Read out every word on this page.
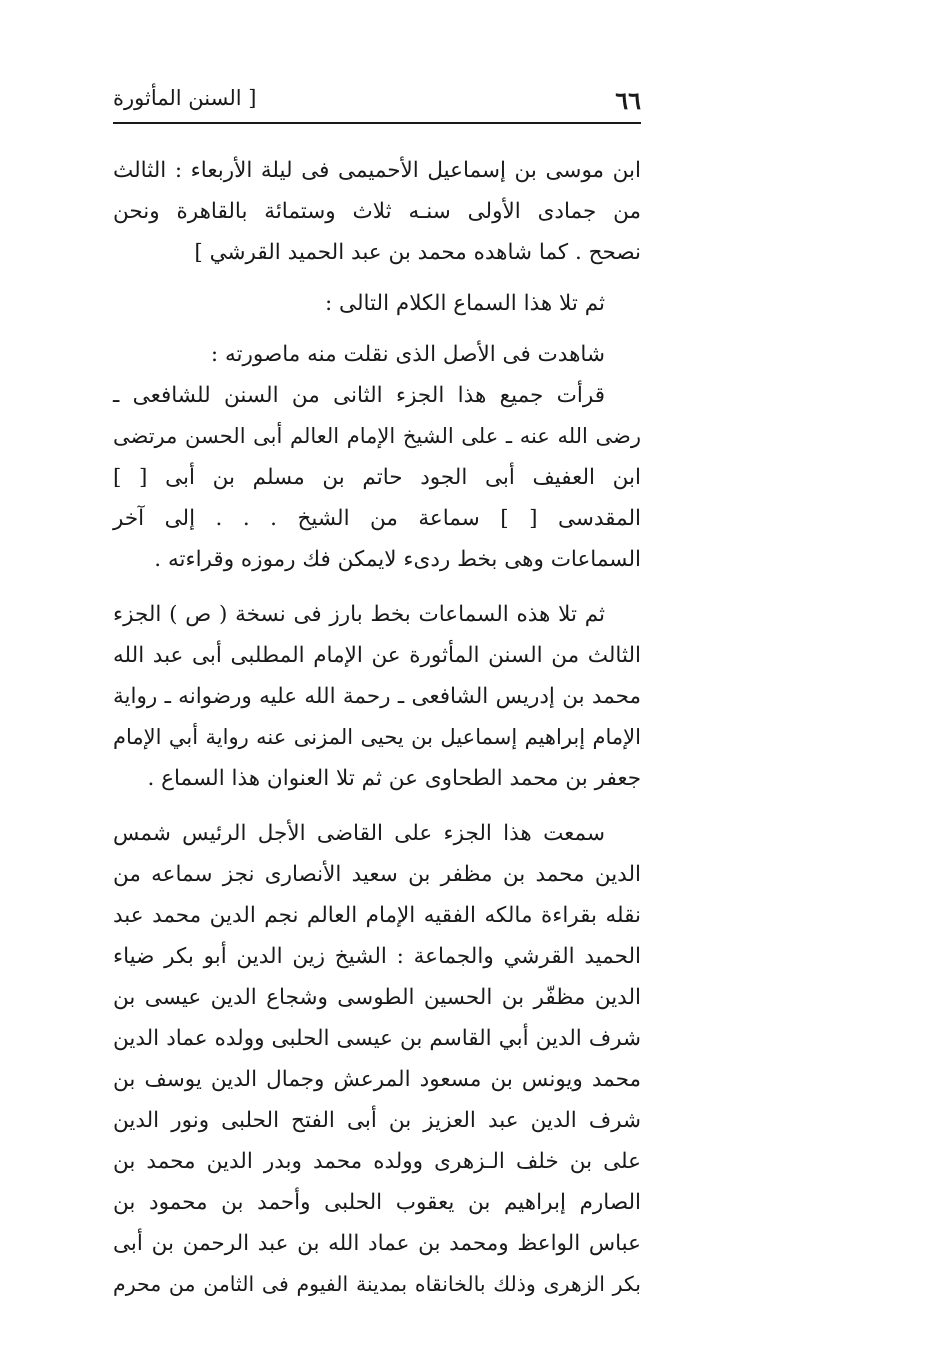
٦٦
[ السنن المأثورة

ابن موسى بن إسماعيل الأحميمى فى ليلة الأربعاء : الثالث
من جمادى الأولى سنـه ثلاث وستمائة بالقاهرة ونحن
نصحح . كما شاهده محمد بن عبد الحميد القرشي ]

ثم تلا هذا السماع الكلام التالى :

شاهدت فى الأصل الذى نقلت منه ماصورته :
قرأت جميع هذا الجزء الثانى من السنن للشافعى ـ
رضى الله عنه ـ على الشيخ الإمام العالم أبى الحسن مرتضى
ابن العفيف أبى الجود حاتم بن مسلم بن أبى [ ]
المقدسى [ ] سماعة من الشيخ . . . إلى آخر
السماعات وهى بخط ردىء لايمكن فك رموزه وقراءته .

ثم تلا هذه السماعات بخط بارز فى نسخة ( ص ) الجزء
الثالث من السنن المأثورة عن الإمام المطلبى أبى عبد الله
محمد بن إدريس الشافعى ـ رحمة الله عليه ورضوانه ـ رواية
الإمام إبراهيم إسماعيل بن يحيى المزنى عنه رواية أبي الإمام
جعفر بن محمد الطحاوى عن ثم تلا العنوان هذا السماع .

سمعت هذا الجزء على القاضى الأجل الرئيس شمس
الدين محمد بن مظفر بن سعيد الأنصارى نجز سماعه من
نقله بقراءة مالكه الفقيه الإمام العالم نجم الدين محمد عبد
الحميد القرشي والجماعة : الشيخ زين الدين أبو بكر ضياء
الدين مظفّر بن الحسين الطوسى وشجاع الدين عيسى بن
شرف الدين أبي القاسم بن عيسى الحلبى وولده عماد الدين
محمد ويونس بن مسعود المرعش وجمال الدين يوسف بن
شرف الدين عبد العزيز بن أبى الفتح الحلبى ونور الدين
على بن خلف الـزهرى وولده محمد وبدر الدين محمد بن
الصارم إبراهيم بن يعقوب الحلبى وأحمد بن محمود بن
عباس الواعظ ومحمد بن عماد الله بن عبد الرحمن بن أبى
بكر الزهرى وذلك بالخانقاه بمدينة الفيوم فى الثامن من محرم
